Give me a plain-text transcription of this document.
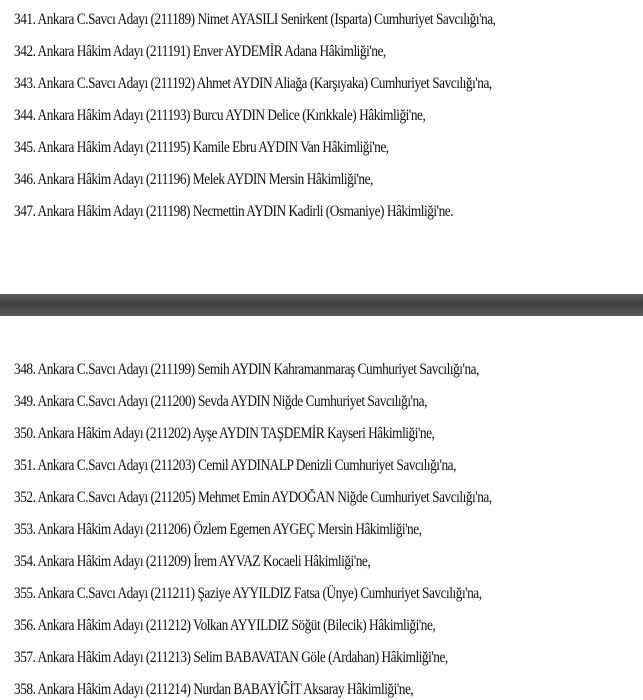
341. Ankara C.Savcı Adayı (211189) Nimet AYASILI Senirkent (Isparta) Cumhuriyet Savcılığı'na,
342. Ankara Hâkim Adayı (211191) Enver AYDEMİR Adana Hâkimliği'ne,
343. Ankara C.Savcı Adayı (211192) Ahmet AYDIN Aliağa (Karşıyaka) Cumhuriyet Savcılığı'na,
344. Ankara Hâkim Adayı (211193) Burcu AYDIN Delice (Kırıkkale) Hâkimliği'ne,
345. Ankara Hâkim Adayı (211195) Kamile Ebru AYDIN Van Hâkimliği'ne,
346. Ankara Hâkim Adayı (211196) Melek AYDIN Mersin Hâkimliği'ne,
347. Ankara Hâkim Adayı (211198) Necmettin AYDIN Kadirli (Osmaniye) Hâkimliği'ne.
348. Ankara C.Savcı Adayı (211199) Semih AYDIN Kahramanmaraş Cumhuriyet Savcılığı'na,
349. Ankara C.Savcı Adayı (211200) Sevda AYDIN Niğde Cumhuriyet Savcılığı'na,
350. Ankara Hâkim Adayı (211202) Ayşe AYDIN TAŞDEMİR Kayseri Hâkimliği'ne,
351. Ankara C.Savcı Adayı (211203) Cemil AYDINALP Denizli Cumhuriyet Savcılığı'na,
352. Ankara C.Savcı Adayı (211205) Mehmet Emin AYDOĞAN Niğde Cumhuriyet Savcılığı'na,
353. Ankara Hâkim Adayı (211206) Özlem Egemen AYGEÇ Mersin Hâkimliği'ne,
354. Ankara Hâkim Adayı (211209) İrem AYVAZ Kocaeli Hâkimliği'ne,
355. Ankara C.Savcı Adayı (211211) Şaziye AYYILDIZ Fatsa (Ünye) Cumhuriyet Savcılığı'na,
356. Ankara Hâkim Adayı (211212) Volkan AYYILDIZ Söğüt (Bilecik) Hâkimliği'ne,
357. Ankara Hâkim Adayı (211213) Selim BABAVATAN Göle (Ardahan) Hâkimliği'ne,
358. Ankara Hâkim Adayı (211214) Nurdan BABAYİĞİT Aksaray Hâkimliği'ne,
